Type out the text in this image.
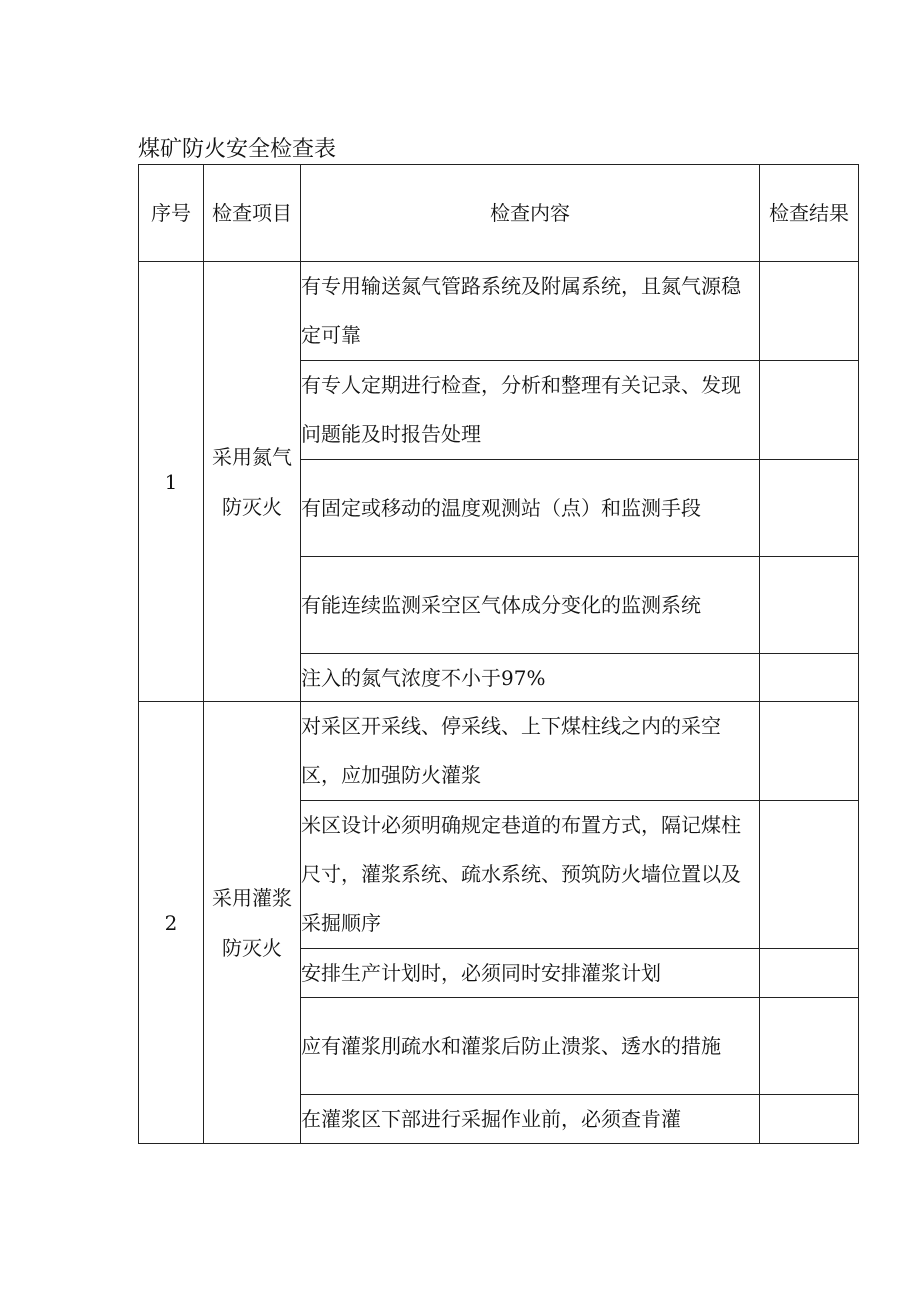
煤矿防火安全检查表
序号	检查项目	检查内容	检查结果
1	采用氮气防灭火	有专用输送氮气管路系统及附属系统，且氮气源稳定可靠	
		有专人定期进行检查，分析和整理有关记录、发现问题能及时报告处理	
		有固定或移动的温度观测站（点）和监测手段	
		有能连续监测采空区气体成分变化的监测系统	
		注入的氮气浓度不小于97%	
2	采用灌浆防灭火	对采区开采线、停采线、上下煤柱线之内的采空区，应加强防火灌浆	
		米区设计必须明确规定巷道的布置方式，隔记煤柱尺寸，灌浆系统、疏水系统、预筑防火墙位置以及采掘顺序	
		安排生产计划时，必须同时安排灌浆计划	
		应有灌浆刖疏水和灌浆后防止溃浆、透水的措施	
		在灌浆区下部进行采掘作业前，必须查肯灌	
